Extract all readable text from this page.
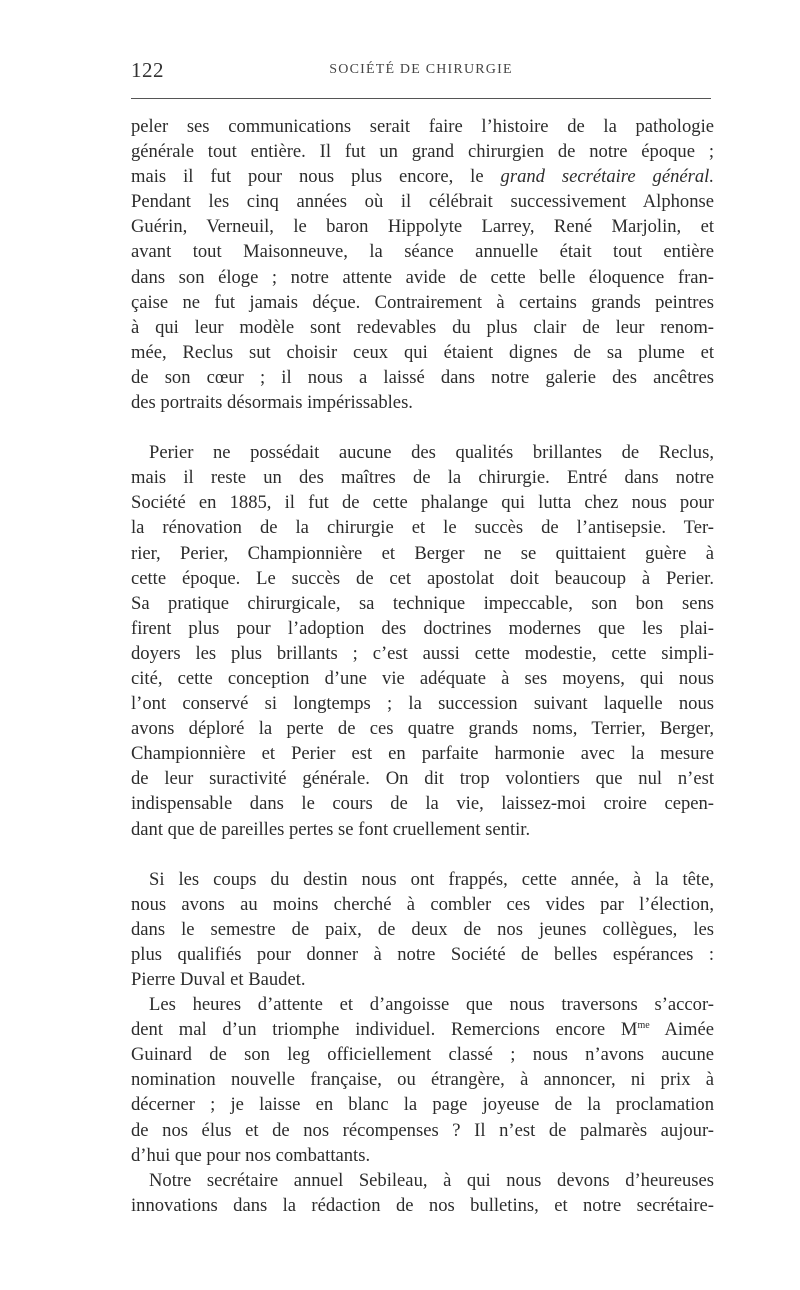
122	SOCIÉTÉ DE CHIRURGIE
peler ses communications serait faire l’histoire de la pathologie
générale tout entière. Il fut un grand chirurgien de notre époque ;
mais il fut pour nous plus encore, le grand secrétaire général.
Pendant les cinq années où il célébrait successivement Alphonse
Guérin, Verneuil, le baron Hippolyte Larrey, René Marjolin, et
avant tout Maisonneuve, la séance annuelle était tout entière
dans son éloge ; notre attente avide de cette belle éloquence fran-
çaise ne fut jamais déçue. Contrairement à certains grands peintres
à qui leur modèle sont redevables du plus clair de leur renom-
mée, Reclus sut choisir ceux qui étaient dignes de sa plume et
de son cœur ; il nous a laissé dans notre galerie des ancêtres
des portraits désormais impérissables.
Perier ne possédait aucune des qualités brillantes de Reclus,
mais il reste un des maîtres de la chirurgie. Entré dans notre
Société en 1885, il fut de cette phalange qui lutta chez nous pour
la rénovation de la chirurgie et le succès de l’antisepsie. Ter-
rier, Perier, Championnière et Berger ne se quittaient guère à
cette époque. Le succès de cet apostolat doit beaucoup à Perier.
Sa pratique chirurgicale, sa technique impeccable, son bon sens
firent plus pour l’adoption des doctrines modernes que les plai-
doyers les plus brillants ; c’est aussi cette modestie, cette simpli-
cité, cette conception d’une vie adéquate à ses moyens, qui nous
l’ont conservé si longtemps ; la succession suivant laquelle nous
avons déploré la perte de ces quatre grands noms, Terrier, Berger,
Championnière et Perier est en parfaite harmonie avec la mesure
de leur suractivité générale. On dit trop volontiers que nul n’est
indispensable dans le cours de la vie, laissez-moi croire cepen-
dant que de pareilles pertes se font cruellement sentir.
Si les coups du destin nous ont frappés, cette année, à la tête,
nous avons au moins cherché à combler ces vides par l’élection,
dans le semestre de paix, de deux de nos jeunes collègues, les
plus qualifiés pour donner à notre Société de belles espérances :
Pierre Duval et Baudet.
Les heures d’attente et d’angoisse que nous traversons s’accor-
dent mal d’un triomphe individuel. Remercions encore $M^{me}$ Aimée
Guinard de son leg officiellement classé ; nous n’avons aucune
nomination nouvelle française, ou étrangère, à annoncer, ni prix à
décerner ; je laisse en blanc la page joyeuse de la proclamation
de nos élus et de nos récompenses ? Il n’est de palmarès aujour-
d’hui que pour nos combattants.
Notre secrétaire annuel Sebileau, à qui nous devons d’heureuses
innovations dans la rédaction de nos bulletins, et notre secrétaire-
